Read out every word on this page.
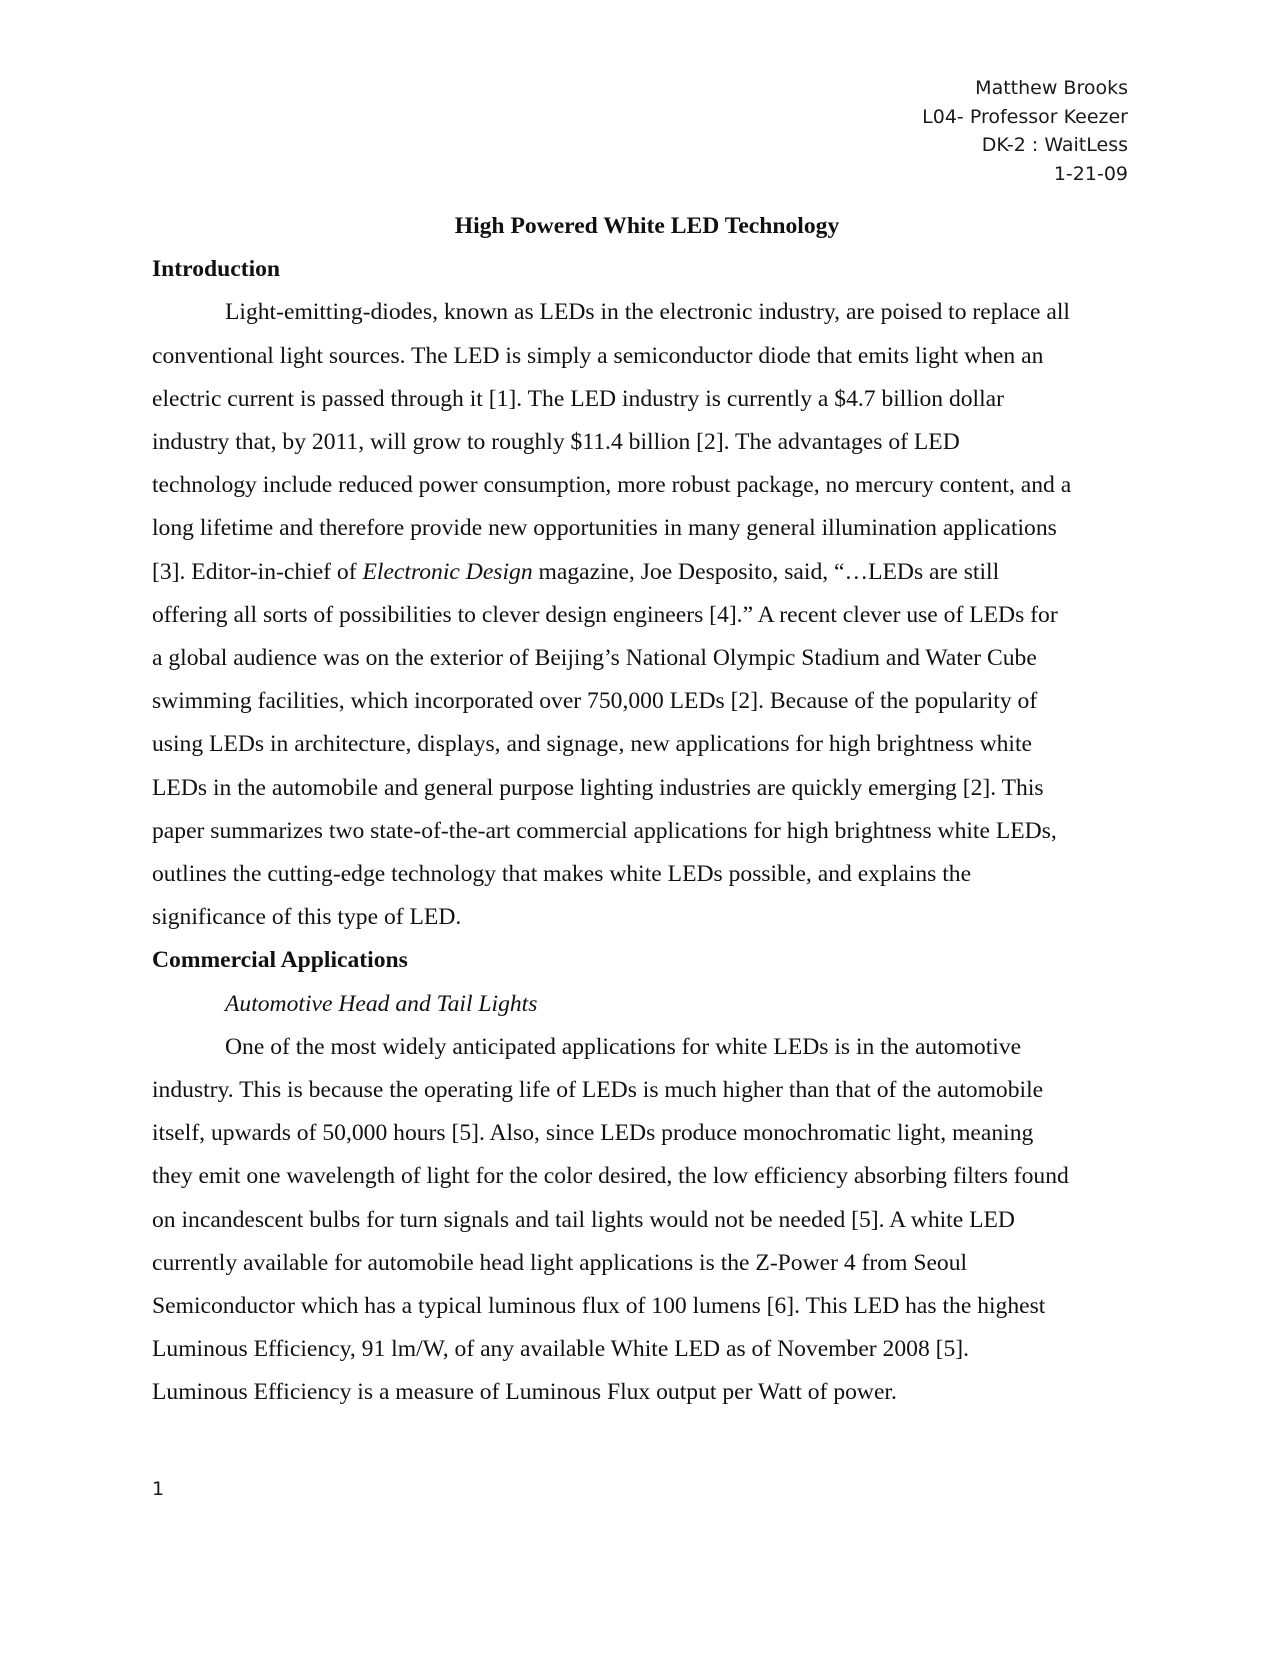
Matthew Brooks
L04- Professor Keezer
DK-2 : WaitLess
1-21-09

High Powered White LED Technology

Introduction

Light-emitting-diodes, known as LEDs in the electronic industry, are poised to replace all

conventional light sources. The LED is simply a semiconductor diode that emits light when an

electric current is passed through it [1]. The LED industry is currently a $4.7 billion dollar

industry that, by 2011, will grow to roughly $11.4 billion [2]. The advantages of LED

technology include reduced power consumption, more robust package, no mercury content, and a

long lifetime and therefore provide new opportunities in many general illumination applications

[3]. Editor-in-chief of Electronic Design magazine, Joe Desposito, said, “…LEDs are still

offering all sorts of possibilities to clever design engineers [4].” A recent clever use of LEDs for

a global audience was on the exterior of Beijing’s National Olympic Stadium and Water Cube

swimming facilities, which incorporated over 750,000 LEDs [2]. Because of the popularity of

using LEDs in architecture, displays, and signage, new applications for high brightness white

LEDs in the automobile and general purpose lighting industries are quickly emerging [2]. This

paper summarizes two state-of-the-art commercial applications for high brightness white LEDs,

outlines the cutting-edge technology that makes white LEDs possible, and explains the

significance of this type of LED.

Commercial Applications

Automotive Head and Tail Lights

One of the most widely anticipated applications for white LEDs is in the automotive

industry. This is because the operating life of LEDs is much higher than that of the automobile

itself, upwards of 50,000 hours [5]. Also, since LEDs produce monochromatic light, meaning

they emit one wavelength of light for the color desired, the low efficiency absorbing filters found

on incandescent bulbs for turn signals and tail lights would not be needed [5]. A white LED

currently available for automobile head light applications is the Z-Power 4 from Seoul

Semiconductor which has a typical luminous flux of 100 lumens [6]. This LED has the highest

Luminous Efficiency, 91 lm/W, of any available White LED as of November 2008 [5].

Luminous Efficiency is a measure of Luminous Flux output per Watt of power.

1
